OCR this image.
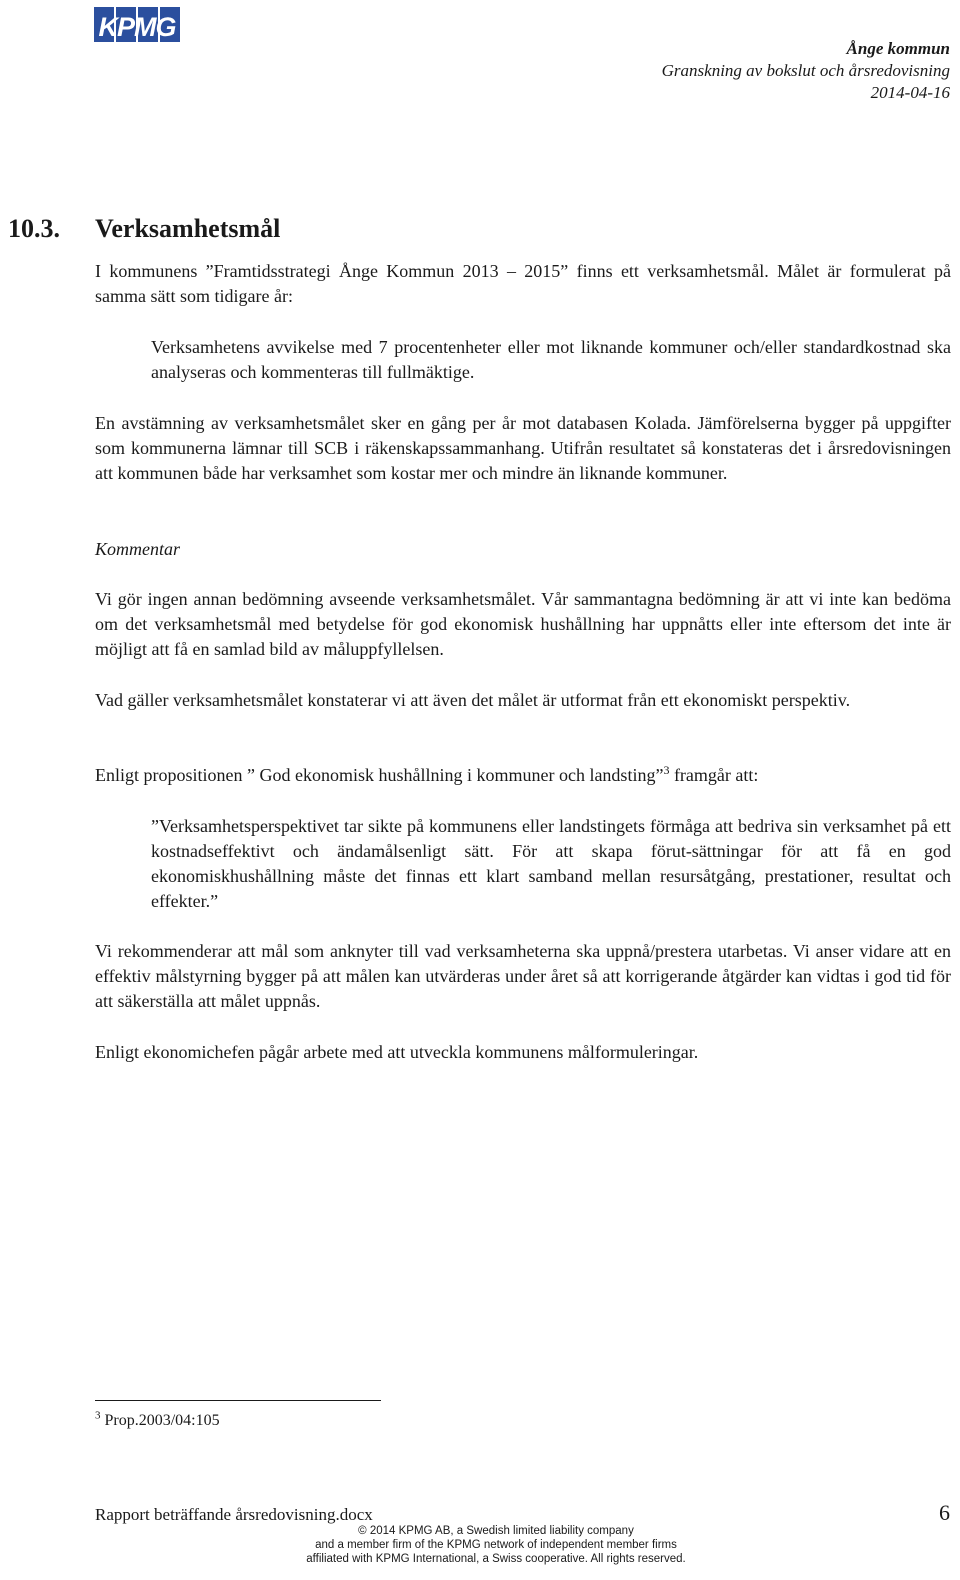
KPMG
Ånge kommun
Granskning av bokslut och årsredovisning
2014-04-16
10.3. Verksamhetsmål

I kommunens ”Framtidsstrategi Ånge Kommun 2013 – 2015” finns ett verksamhetsmål. Målet är formulerat på samma sätt som tidigare år:

Verksamhetens avvikelse med 7 procentenheter eller mot liknande kommuner och/eller standardkostnad ska analyseras och kommenteras till fullmäktige.

En avstämning av verksamhetsmålet sker en gång per år mot databasen Kolada. Jämförelserna bygger på uppgifter som kommunerna lämnar till SCB i räkenskapssammanhang. Utifrån resultatet så konstateras det i årsredovisningen att kommunen både har verksamhet som kostar mer och mindre än liknande kommuner.

Kommentar

Vi gör ingen annan bedömning avseende verksamhetsmålet. Vår sammantagna bedömning är att vi inte kan bedöma om det verksamhetsmål med betydelse för god ekonomisk hushållning har uppnåtts eller inte eftersom det inte är möjligt att få en samlad bild av måluppfyllelsen.

Vad gäller verksamhetsmålet konstaterar vi att även det målet är utformat från ett ekonomiskt perspektiv.

Enligt propositionen ” God ekonomisk hushållning i kommuner och landsting”$^3$ framgår att:

”Verksamhetsperspektivet tar sikte på kommunens eller landstingets förmåga att bedriva sin verksamhet på ett kostnadseffektivt och ändamålsenligt sätt. För att skapa förut-sättningar för att få en god ekonomiskhushållning måste det finnas ett klart samband mellan resursåtgång, prestationer, resultat och effekter.”

Vi rekommenderar att mål som anknyter till vad verksamheterna ska uppnå/prestera utarbetas. Vi anser vidare att en effektiv målstyrning bygger på att målen kan utvärderas under året så att korrigerande åtgärder kan vidtas i god tid för att säkerställa att målet uppnås.

Enligt ekonomichefen pågår arbete med att utveckla kommunens målformuleringar.

$^3$ Prop.2003/04:105
Rapport beträffande årsredovisning.docx	6
© 2014 KPMG AB, a Swedish limited liability company
and a member firm of the KPMG network of independent member firms
affiliated with KPMG International, a Swiss cooperative. All rights reserved.
